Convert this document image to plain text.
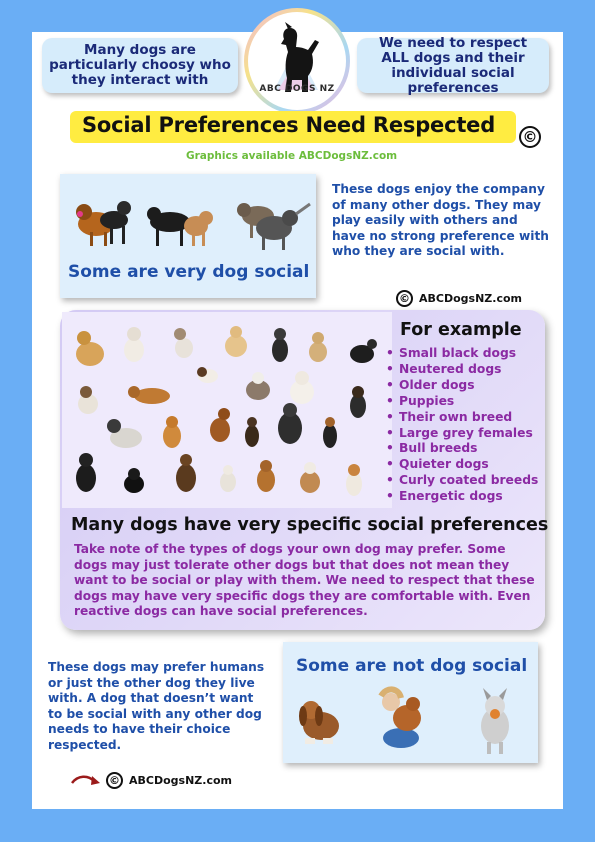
Many dogs are particularly choosy who they interact with
We need to respect ALL dogs and their individual social preferences
ABC DOGS NZ
Social Preferences Need Respected ©
Graphics available ABCDogsNZ.com
Some are very dog social
These dogs enjoy the company of many other dogs. They may play easily with others and have no strong preference with who they are social with.
© ABCDogsNZ.com
For example
• Small black dogs
• Neutered dogs
• Older dogs
• Puppies
• Their own breed
• Large grey females
• Bull breeds
• Quieter dogs
• Curly coated breeds
• Energetic dogs
Many dogs have very specific social preferences
Take note of the types of dogs your own dog may prefer. Some dogs may just tolerate other dogs but that does not mean they want to be social or play with them. We need to respect that these dogs may have very specific dogs they are comfortable with. Even reactive dogs can have social preferences.
These dogs may prefer humans or just the other dog they live with. A dog that doesn’t want to be social with any other dog needs to have their choice respected.
© ABCDogsNZ.com
Some are not dog social
